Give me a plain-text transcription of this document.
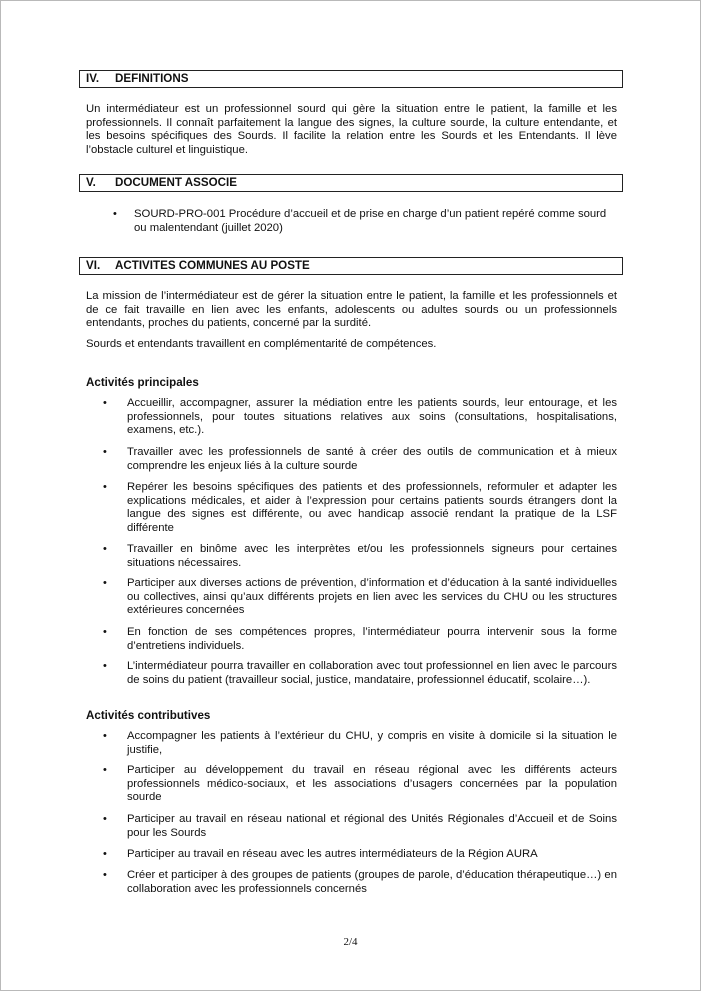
IV. DEFINITIONS

Un intermédiateur est un professionnel sourd qui gère la situation entre le patient, la famille et les professionnels. Il connaît parfaitement la langue des signes, la culture sourde, la culture entendante, et les besoins spécifiques des Sourds. Il facilite la relation entre les Sourds et les Entendants. Il lève l’obstacle culturel et linguistique.

V. DOCUMENT ASSOCIE
•	SOURD-PRO-001 Procédure d’accueil et de prise en charge d’un patient repéré comme sourd ou malentendant (juillet 2020)
VI. ACTIVITES COMMUNES AU POSTE

La mission de l’intermédiateur est de gérer la situation entre le patient, la famille et les professionnels et de ce fait travaille en lien avec les enfants, adolescents ou adultes sourds ou un professionnels entendants, proches du patients, concerné par la surdité.

Sourds et entendants travaillent en complémentarité de compétences.

Activités principales

•	Accueillir, accompagner, assurer la médiation entre les patients sourds, leur entourage, et les professionnels, pour toutes situations relatives aux soins (consultations, hospitalisations, examens, etc.).
•	Travailler avec les professionnels de santé à créer des outils de communication et à mieux comprendre les enjeux liés à la culture sourde
•	Repérer les besoins spécifiques des patients et des professionnels, reformuler et adapter les explications médicales, et aider à l’expression pour certains patients sourds étrangers dont la langue des signes est différente, ou avec handicap associé rendant la pratique de la LSF différente
•	Travailler en binôme avec les interprètes et/ou les professionnels signeurs pour certaines situations nécessaires.
•	Participer aux diverses actions de prévention, d’information et d’éducation à la santé individuelles ou collectives, ainsi qu’aux différents projets en lien avec les services du CHU ou les structures extérieures concernées
•	En fonction de ses compétences propres, l’intermédiateur pourra intervenir sous la forme d’entretiens individuels.
•	L’intermédiateur pourra travailler en collaboration avec tout professionnel en lien avec le parcours de soins du patient (travailleur social, justice, mandataire, professionnel éducatif, scolaire…).

Activités contributives

•	Accompagner les patients à l’extérieur du CHU, y compris en visite à domicile si la situation le justifie,
•	Participer au développement du travail en réseau régional avec les différents acteurs professionnels médico-sociaux, et les associations d’usagers concernées par la population sourde
•	Participer au travail en réseau national et régional des Unités Régionales d’Accueil et de Soins pour les Sourds
•	Participer au travail en réseau avec les autres intermédiateurs de la Région AURA
•	Créer et participer à des groupes de patients (groupes de parole, d’éducation thérapeutique…) en collaboration avec les professionnels concernés
2/4
